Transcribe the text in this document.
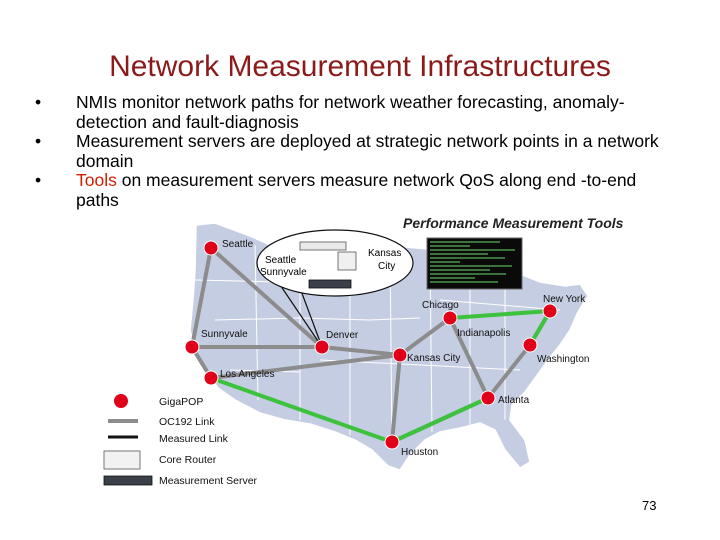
Network Measurement Infrastructures
• NMIs monitor network paths for network weather forecasting, anomaly-detection and fault-diagnosis
• Measurement servers are deployed at strategic network points in a network domain
• Tools on measurement servers measure network QoS along end -to-end paths
Performance Measurement Tools
Seattle
Sunnyvale
Kansas
City
Seattle
Sunnyvale
Los Angeles
Denver
Kansas City
Chicago
Indianapolis
New York
Washington
Atlanta
Houston
GigaPOP
OC192 Link
Measured Link
Core Router
Measurement Server
73
